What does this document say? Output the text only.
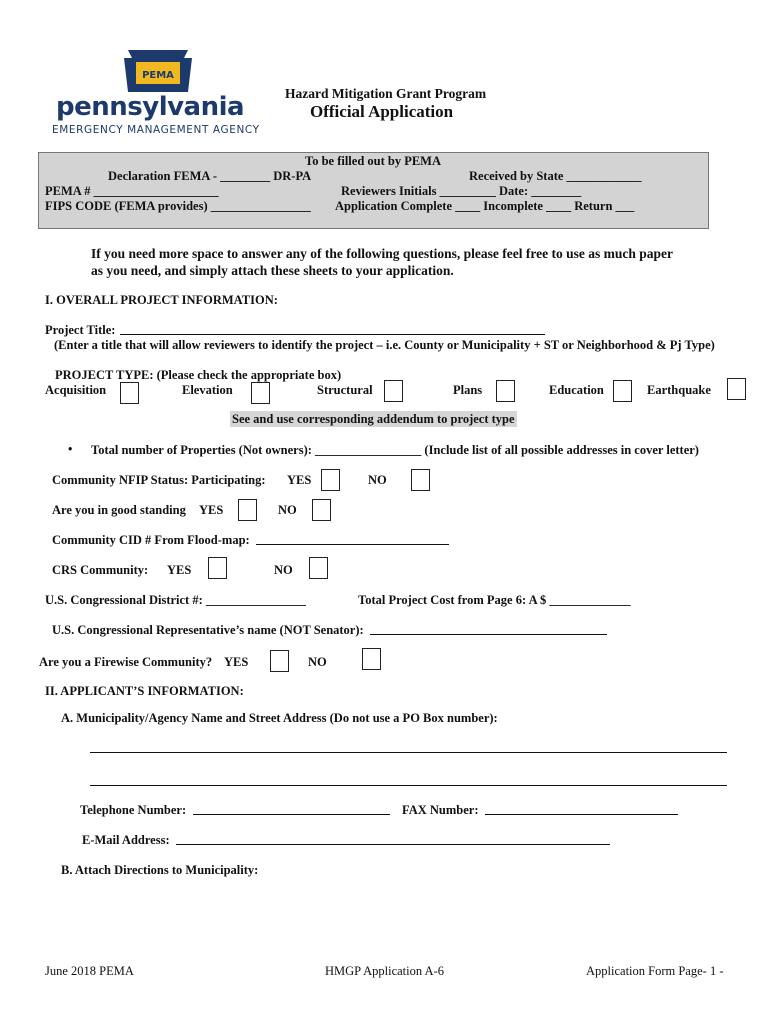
PEMA
pennsylvania
EMERGENCY MANAGEMENT AGENCY
Hazard Mitigation Grant Program
Official Application
To be filled out by PEMA
Declaration FEMA - ________ DR-PA	Received by State ____________
PEMA # ____________________	Reviewers Initials _________ Date: ________
FIPS CODE (FEMA provides) ________________ Application Complete ____ Incomplete ____ Return ___
If you need more space to answer any of the following questions, please feel free to use as much paper
as you need, and simply attach these sheets to your application.
I. OVERALL PROJECT INFORMATION:
Project Title:
(Enter a title that will allow reviewers to identify the project – i.e. County or Municipality + ST or Neighborhood & Pj Type)
PROJECT TYPE: (Please check the appropriate box)
Acquisition	Elevation	Structural	Plans	Education	Earthquake
See and use corresponding addendum to project type
• Total number of Properties (Not owners): _________________ (Include list of all possible addresses in cover letter)
Community NFIP Status: Participating: YES	NO
Are you in good standing YES	NO
Community CID # From Flood-map:
CRS Community: YES	NO
U.S. Congressional District #: ________________	Total Project Cost from Page 6: A $ _____________
U.S. Congressional Representative’s name (NOT Senator):
Are you a Firewise Community? YES	NO
II. APPLICANT’S INFORMATION:
A. Municipality/Agency Name and Street Address (Do not use a PO Box number):
Telephone Number:	FAX Number:
E-Mail Address:
B. Attach Directions to Municipality:
June 2018 PEMA	HMGP Application A-6	Application Form Page- 1 -
